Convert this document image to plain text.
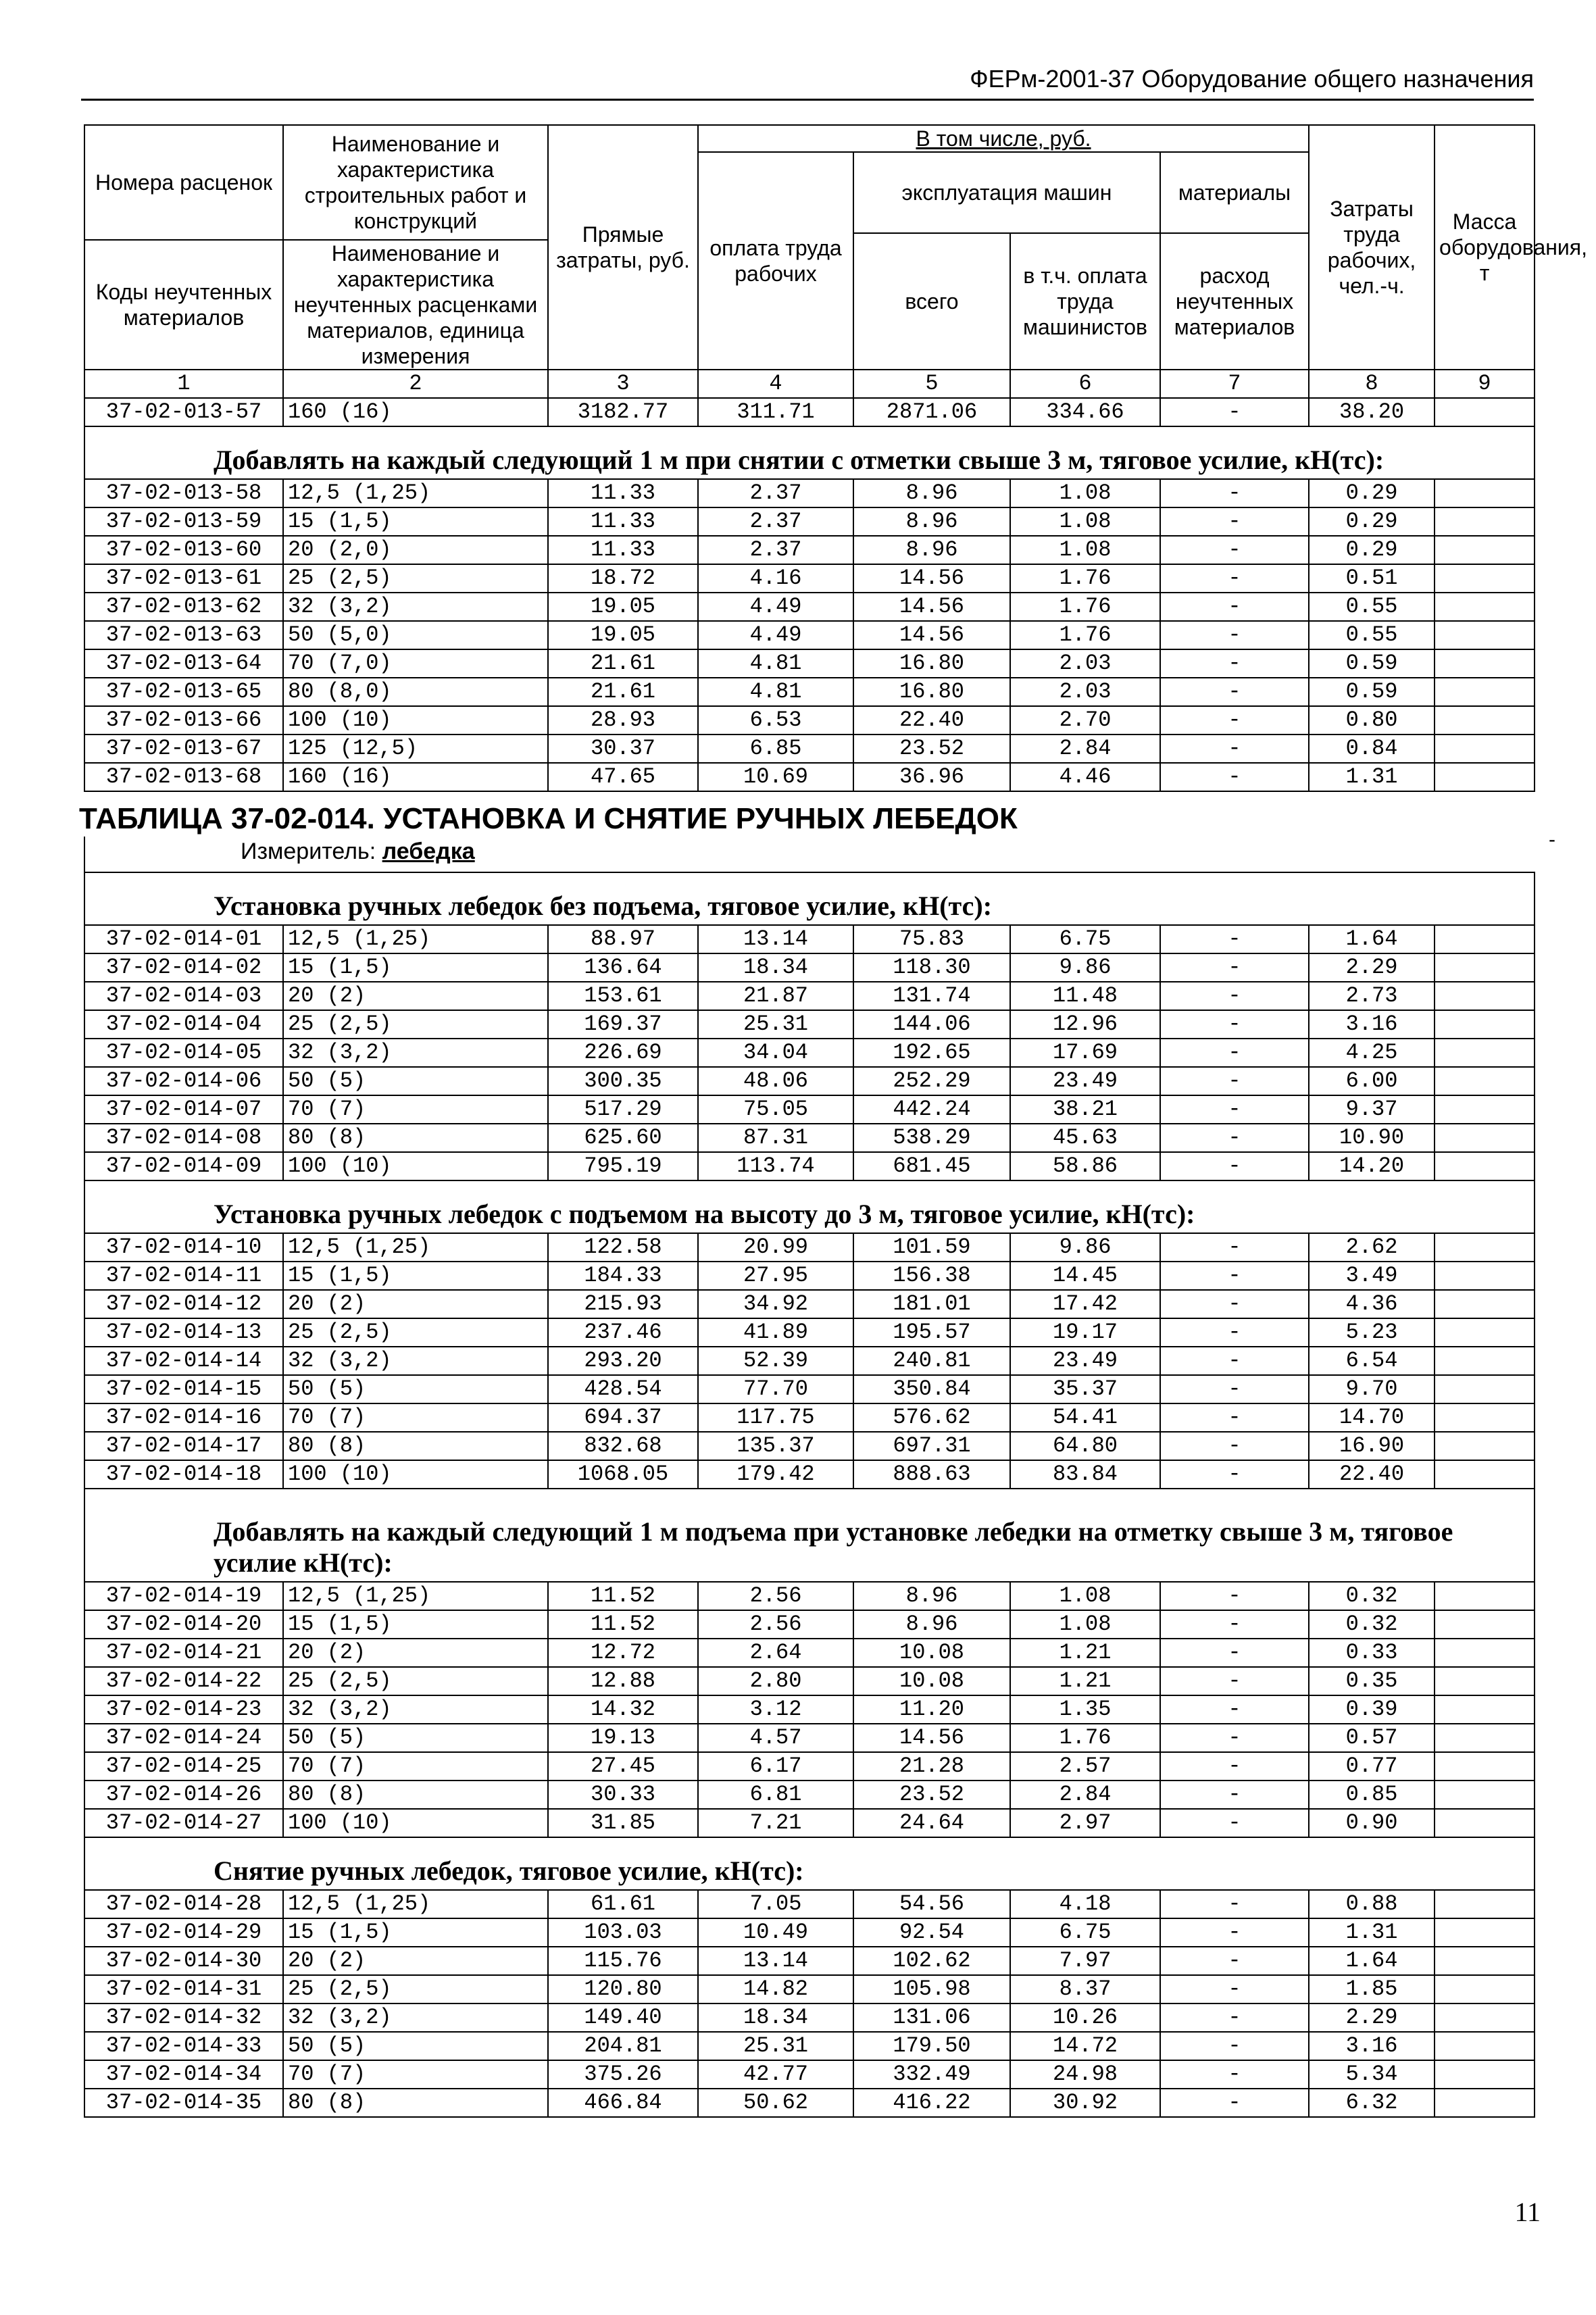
ФЕРм-2001-37 Оборудование общего назначения
Номера расценок	Наименование и характеристика строительных работ и конструкций	Прямые затраты, руб.	В том числе, руб.				Затраты труда рабочих, чел.-ч.	Масса оборудования, т
			оплата труда рабочих	эксплуатация машин		материалы		
				всего	в т.ч. оплата труда машинистов	расход неучтенных материалов		
Коды неучтенных материалов	Наименование и характеристика неучтенных расценками материалов, единица измерения							

1	2	3	4	5	6	7	8	9
37-02-013-57	160 (16)	3182.77	311.71	2871.06	334.66	-	38.20	
Добавлять на каждый следующий 1 м при снятии с отметки свыше 3 м, тяговое усилие, кН(тс):								
37-02-013-58	12,5 (1,25)	11.33	2.37	8.96	1.08	-	0.29	
37-02-013-59	15 (1,5)	11.33	2.37	8.96	1.08	-	0.29	
37-02-013-60	20 (2,0)	11.33	2.37	8.96	1.08	-	0.29	
37-02-013-61	25 (2,5)	18.72	4.16	14.56	1.76	-	0.51	
37-02-013-62	32 (3,2)	19.05	4.49	14.56	1.76	-	0.55	
37-02-013-63	50 (5,0)	19.05	4.49	14.56	1.76	-	0.55	
37-02-013-64	70 (7,0)	21.61	4.81	16.80	2.03	-	0.59	
37-02-013-65	80 (8,0)	21.61	4.81	16.80	2.03	-	0.59	
37-02-013-66	100 (10)	28.93	6.53	22.40	2.70	-	0.80	
37-02-013-67	125 (12,5)	30.37	6.85	23.52	2.84	-	0.84	
37-02-013-68	160 (16)	47.65	10.69	36.96	4.46	-	1.31	
ТАБЛИЦА 37-02-014. УСТАНОВКА И СНЯТИЕ РУЧНЫХ ЛЕБЕДОК								
Измеритель: лебедка								
Установка ручных лебедок без подъема, тяговое усилие, кН(тс):								
37-02-014-01	12,5 (1,25)	88.97	13.14	75.83	6.75	-	1.64	
37-02-014-02	15 (1,5)	136.64	18.34	118.30	9.86	-	2.29	
37-02-014-03	20 (2)	153.61	21.87	131.74	11.48	-	2.73	
37-02-014-04	25 (2,5)	169.37	25.31	144.06	12.96	-	3.16	
37-02-014-05	32 (3,2)	226.69	34.04	192.65	17.69	-	4.25	
37-02-014-06	50 (5)	300.35	48.06	252.29	23.49	-	6.00	
37-02-014-07	70 (7)	517.29	75.05	442.24	38.21	-	9.37	
37-02-014-08	80 (8)	625.60	87.31	538.29	45.63	-	10.90	
37-02-014-09	100 (10)	795.19	113.74	681.45	58.86	-	14.20	
Установка ручных лебедок с подъемом на высоту до 3 м, тяговое усилие, кН(тс):								
37-02-014-10	12,5 (1,25)	122.58	20.99	101.59	9.86	-	2.62	
37-02-014-11	15 (1,5)	184.33	27.95	156.38	14.45	-	3.49	
37-02-014-12	20 (2)	215.93	34.92	181.01	17.42	-	4.36	
37-02-014-13	25 (2,5)	237.46	41.89	195.57	19.17	-	5.23	
37-02-014-14	32 (3,2)	293.20	52.39	240.81	23.49	-	6.54	
37-02-014-15	50 (5)	428.54	77.70	350.84	35.37	-	9.70	
37-02-014-16	70 (7)	694.37	117.75	576.62	54.41	-	14.70	
37-02-014-17	80 (8)	832.68	135.37	697.31	64.80	-	16.90	
37-02-014-18	100 (10)	1068.05	179.42	888.63	83.84	-	22.40	
Добавлять на каждый следующий 1 м подъема при установке лебедки на отметку свыше 3 м, тяговое усилие кН(тс):								
37-02-014-19	12,5 (1,25)	11.52	2.56	8.96	1.08	-	0.32	
37-02-014-20	15 (1,5)	11.52	2.56	8.96	1.08	-	0.32	
37-02-014-21	20 (2)	12.72	2.64	10.08	1.21	-	0.33	
37-02-014-22	25 (2,5)	12.88	2.80	10.08	1.21	-	0.35	
37-02-014-23	32 (3,2)	14.32	3.12	11.20	1.35	-	0.39	
37-02-014-24	50 (5)	19.13	4.57	14.56	1.76	-	0.57	
37-02-014-25	70 (7)	27.45	6.17	21.28	2.57	-	0.77	
37-02-014-26	80 (8)	30.33	6.81	23.52	2.84	-	0.85	
37-02-014-27	100 (10)	31.85	7.21	24.64	2.97	-	0.90	
Снятие ручных лебедок, тяговое усилие, кН(тс):								
37-02-014-28	12,5 (1,25)	61.61	7.05	54.56	4.18	-	0.88	
37-02-014-29	15 (1,5)	103.03	10.49	92.54	6.75	-	1.31	
37-02-014-30	20 (2)	115.76	13.14	102.62	7.97	-	1.64	
37-02-014-31	25 (2,5)	120.80	14.82	105.98	8.37	-	1.85	
37-02-014-32	32 (3,2)	149.40	18.34	131.06	10.26	-	2.29	
37-02-014-33	50 (5)	204.81	25.31	179.50	14.72	-	3.16	
37-02-014-34	70 (7)	375.26	42.77	332.49	24.98	-	5.34	
37-02-014-35	80 (8)	466.84	50.62	416.22	30.92	-	6.32	
-
11
